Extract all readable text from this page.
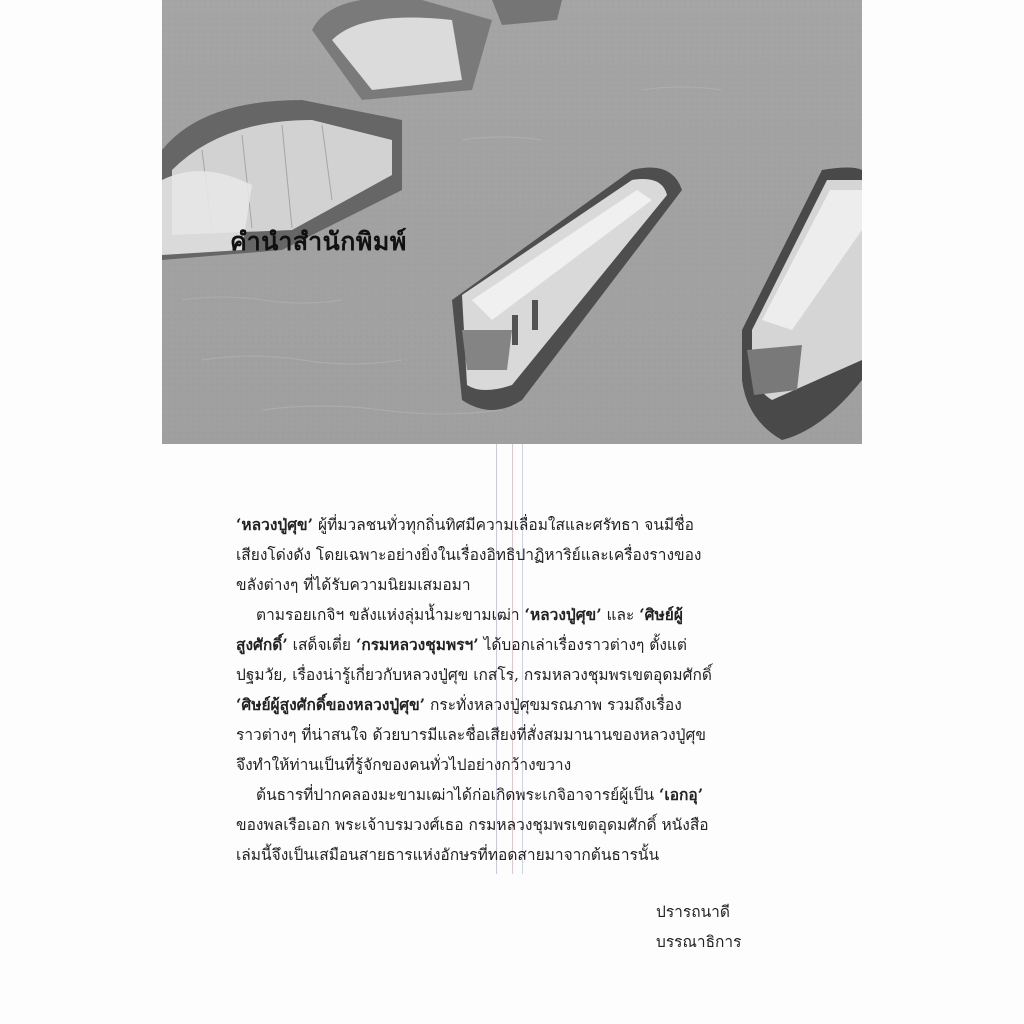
คำนำสำนักพิมพ์
‘หลวงปู่ศุข’ ผู้ที่มวลชนทั่วทุกถิ่นทิศมีความเลื่อมใสและศรัทธา จนมีชื่อ
เสียงโด่งดัง โดยเฉพาะอย่างยิ่งในเรื่องอิทธิปาฏิหาริย์และเครื่องรางของ
ขลังต่างๆ ที่ได้รับความนิยมเสมอมา
ตามรอยเกจิฯ ขลังแห่งลุ่มน้ำมะขามเฒ่า ‘หลวงปู่ศุข’ และ ‘ศิษย์ผู้
สูงศักดิ์’ เสด็จเตี่ย ‘กรมหลวงชุมพรฯ’ ได้บอกเล่าเรื่องราวต่างๆ ตั้งแต่
ปฐมวัย, เรื่องน่ารู้เกี่ยวกับหลวงปู่ศุข เกสโร, กรมหลวงชุมพรเขตอุดมศักดิ์
‘ศิษย์ผู้สูงศักดิ์ของหลวงปู่ศุข’ กระทั่งหลวงปู่ศุขมรณภาพ รวมถึงเรื่อง
ราวต่างๆ ที่น่าสนใจ ด้วยบารมีและชื่อเสียงที่สั่งสมมานานของหลวงปู่ศุข
จึงทำให้ท่านเป็นที่รู้จักของคนทั่วไปอย่างกว้างขวาง
ต้นธารที่ปากคลองมะขามเฒ่าได้ก่อเกิดพระเกจิอาจารย์ผู้เป็น ‘เอกอุ’
ของพลเรือเอก พระเจ้าบรมวงศ์เธอ กรมหลวงชุมพรเขตอุดมศักดิ์ หนังสือ
เล่มนี้จึงเป็นเสมือนสายธารแห่งอักษรที่ทอดสายมาจากต้นธารนั้น
ปรารถนาดี
บรรณาธิการ
